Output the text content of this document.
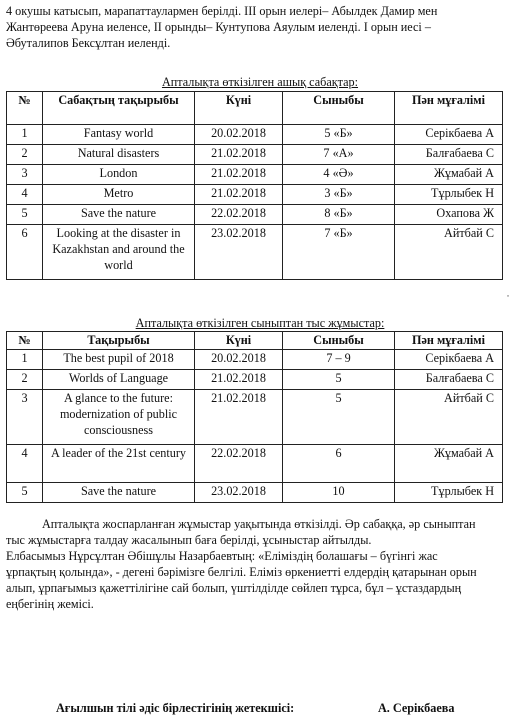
4 окушы катысып, марапаттаулармен берілді. ІІІ орын иелері– Абылдек Дамир мен

Жантөреева Аруна иеленсе, ІІ орынды– Кунтупова Аяулым иеленді. І орын иесі –

Әбуталипов Бексұлтан иеленді.

Апталықта өткізілген ашық сабақтар:
№	Сабақтың тақырыбы	Күні	Сыныбы	Пән мұғалімі
1	Fantasy world	20.02.2018	5 «Б»	Серікбаева А
2	Natural disasters	21.02.2018	7 «А»	Балғабаева С
3	London	21.02.2018	4 «Ә»	Жұмабай А
4	Metro	21.02.2018	3 «Б»	Тұрлыбек Н
5	Save the nature	22.02.2018	8 «Б»	Охапова Ж
6	Looking at the disaster in Kazakhstan and around the world	23.02.2018	7 «Б»	Айтбай С
˙
Апталықта өткізілген сыныптан тыс жұмыстар:
№	Тақырыбы	Күні	Сыныбы	Пән мұғалімі
1	The best pupil of 2018	20.02.2018	7 – 9	Серікбаева А
2	Worlds of Language	21.02.2018	5	Балғабаева С
3	A glance to the future: modernization of public consciousness	21.02.2018	5	Айтбай С
4	A leader of the 21st century	22.02.2018	6	Жұмабай А
5	Save the nature	23.02.2018	10	Тұрлыбек Н

Апталықта жоспарланған жұмыстар уақытында өткізілді. Әр сабаққа, әр сыныптан

тыс жұмыстарға талдау жасалынып баға берілді, ұсыныстар айтылды.

Елбасымыз Нұрсұлтан Әбішұлы Назарбаевтың: «Еліміздің болашағы – бүгінгі жас

ұрпақтың қолында», - дегені бәрімізге белгілі. Еліміз өркениетті елдердің қатарынан орын

алып, ұрпағымыз қажеттілігіне сай болып, үштілділде сөйлеп тұрса, бұл – ұстаздардың

еңбегінің жемісі.

Ағылшын тілі әдіс бірлестігінің жетекшісі:	А. Серікбаева
